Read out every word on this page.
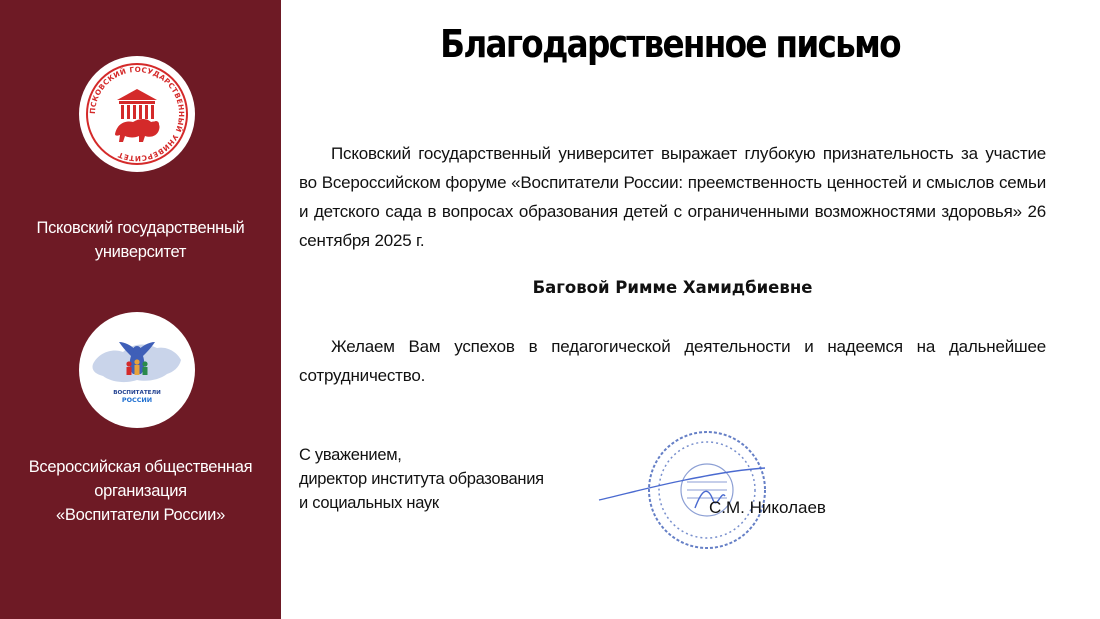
ПСКОВСКИЙ ГОСУДАРСТВЕННЫЙ УНИВЕРСИТЕТ
Псковский государственный
университет
ВОСПИТАТЕЛИ
РОССИИ
Всероссийская общественная
организация
«Воспитатели России»
Благодарственное письмо
Псковский государственный университет выражает глубокую признательность за участие во Всероссийском форуме «Воспитатели России: преемственность ценностей и смыслов семьи и детского сада в вопросах образования детей с ограниченными возможностями здоровья» 26 сентября 2025 г.
Баговой Римме Хамидбиевне
Желаем Вам успехов в педагогической деятельности и надеемся на дальнейшее сотрудничество.
С уважением,
директор института образования
и социальных наук	С.М. Николаев
